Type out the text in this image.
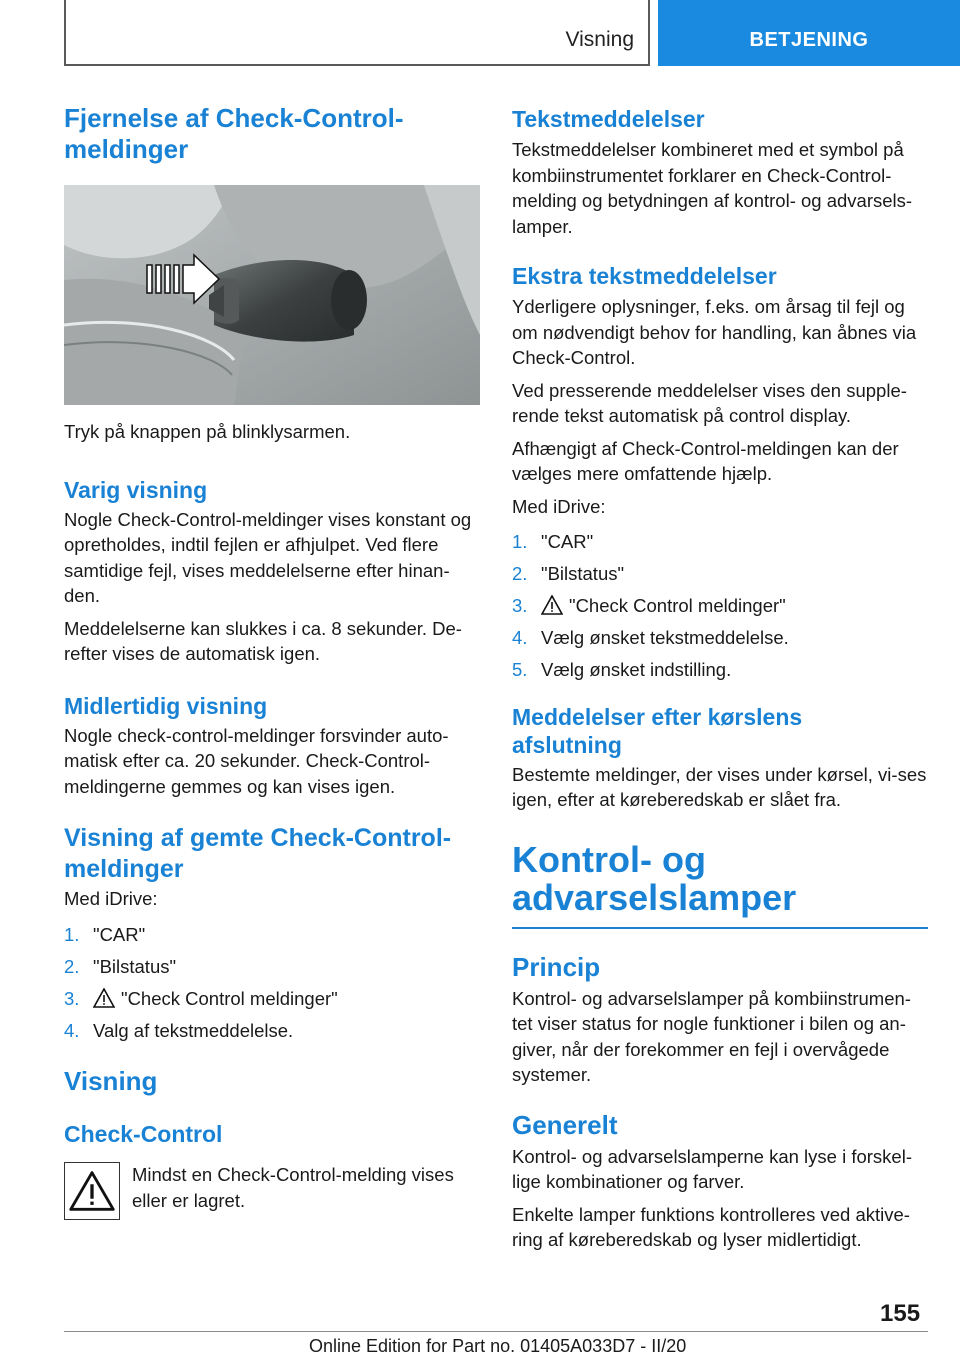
Visning	BETJENING
Fjernelse af Check-Control-
meldinger

Tryk på knappen på blinklysarmen.

Varig visning

Nogle Check-Control-meldinger vises konstant og opretholdes, indtil fejlen er afhjulpet. Ved flere samtidige fejl, vises meddelelserne efter hinan-den.

Meddelelserne kan slukkes i ca. 8 sekunder. De-refter vises de automatisk igen.

Midlertidig visning

Nogle check-control-meldinger forsvinder auto-matisk efter ca. 20 sekunder. Check-Control-meldingerne gemmes og kan vises igen.

Visning af gemte Check-Control-
meldinger

Med iDrive:

1. "CAR"
2. "Bilstatus"
3. "Check Control meldinger"
4. Valg af tekstmeddelelse.
Visning
Check-Control

Mindst en Check-Control-melding vises eller er lagret.

Tekstmeddelelser

Tekstmeddelelser kombineret med et symbol på kombiinstrumentet forklarer en Check-Control-melding og betydningen af kontrol- og advarsels-lamper.

Ekstra tekstmeddelelser

Yderligere oplysninger, f.eks. om årsag til fejl og om nødvendigt behov for handling, kan åbnes via Check-Control.

Ved presserende meddelelser vises den supple-rende tekst automatisk på control display.

Afhængigt af Check-Control-meldingen kan der vælges mere omfattende hjælp.

Med iDrive:

1. "CAR"
2. "Bilstatus"
3. "Check Control meldinger"
4. Vælg ønsket tekstmeddelelse.
5. Vælg ønsket indstilling.
Meddelelser efter kørslens
afslutning

Bestemte meldinger, der vises under kørsel, vi-ses igen, efter at køreberedskab er slået fra.

Kontrol- og
advarselslamper
Princip

Kontrol- og advarselslamper på kombiinstrumen-tet viser status for nogle funktioner i bilen og an-giver, når der forekommer en fejl i overvågede systemer.

Generelt

Kontrol- og advarselslamperne kan lyse i forskel-lige kombinationer og farver.

Enkelte lamper funktions kontrolleres ved aktive-ring af køreberedskab og lyser midlertidigt.

155
Online Edition for Part no. 01405A033D7 - II/20
